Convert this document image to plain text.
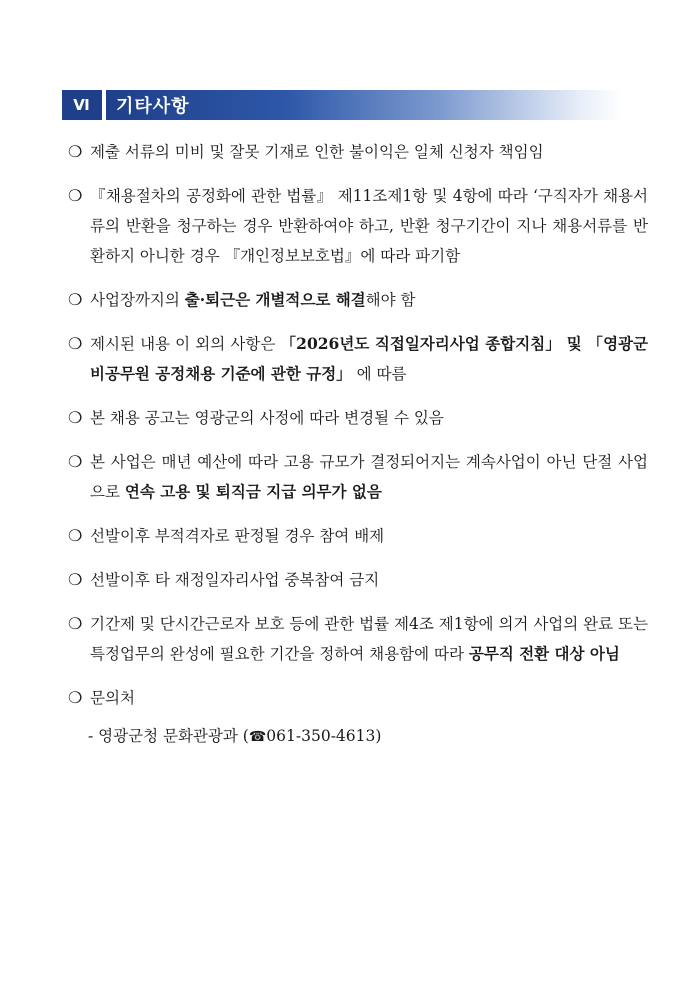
Ⅵ	기타사항
❍ 제출 서류의 미비 및 잘못 기재로 인한 불이익은 일체 신청자 책임임
❍ 『채용절차의 공정화에 관한 법률』 제11조제1항 및 4항에 따라 ‘구직자가 채용서류의 반환을 청구하는 경우 반환하여야 하고, 반환 청구기간이 지나 채용서류를 반환하지 아니한 경우 『개인정보보호법』에 따라 파기함
❍ 사업장까지의 출·퇴근은 개별적으로 해결해야 함
❍ 제시된 내용 이 외의 사항은 「2026년도 직접일자리사업 종합지침」 및 「영광군 비공무원 공정채용 기준에 관한 규정」 에 따름
❍ 본 채용 공고는 영광군의 사정에 따라 변경될 수 있음
❍ 본 사업은 매년 예산에 따라 고용 규모가 결정되어지는 계속사업이 아닌 단절 사업으로 연속 고용 및 퇴직금 지급 의무가 없음
❍ 선발이후 부적격자로 판정될 경우 참여 배제
❍ 선발이후 타 재정일자리사업 중복참여 금지
❍ 기간제 및 단시간근로자 보호 등에 관한 법률 제4조 제1항에 의거 사업의 완료 또는 특정업무의 완성에 필요한 기간을 정하여 채용함에 따라 공무직 전환 대상 아님
❍ 문의처
- 영광군청 문화관광과 (☎061-350-4613)
